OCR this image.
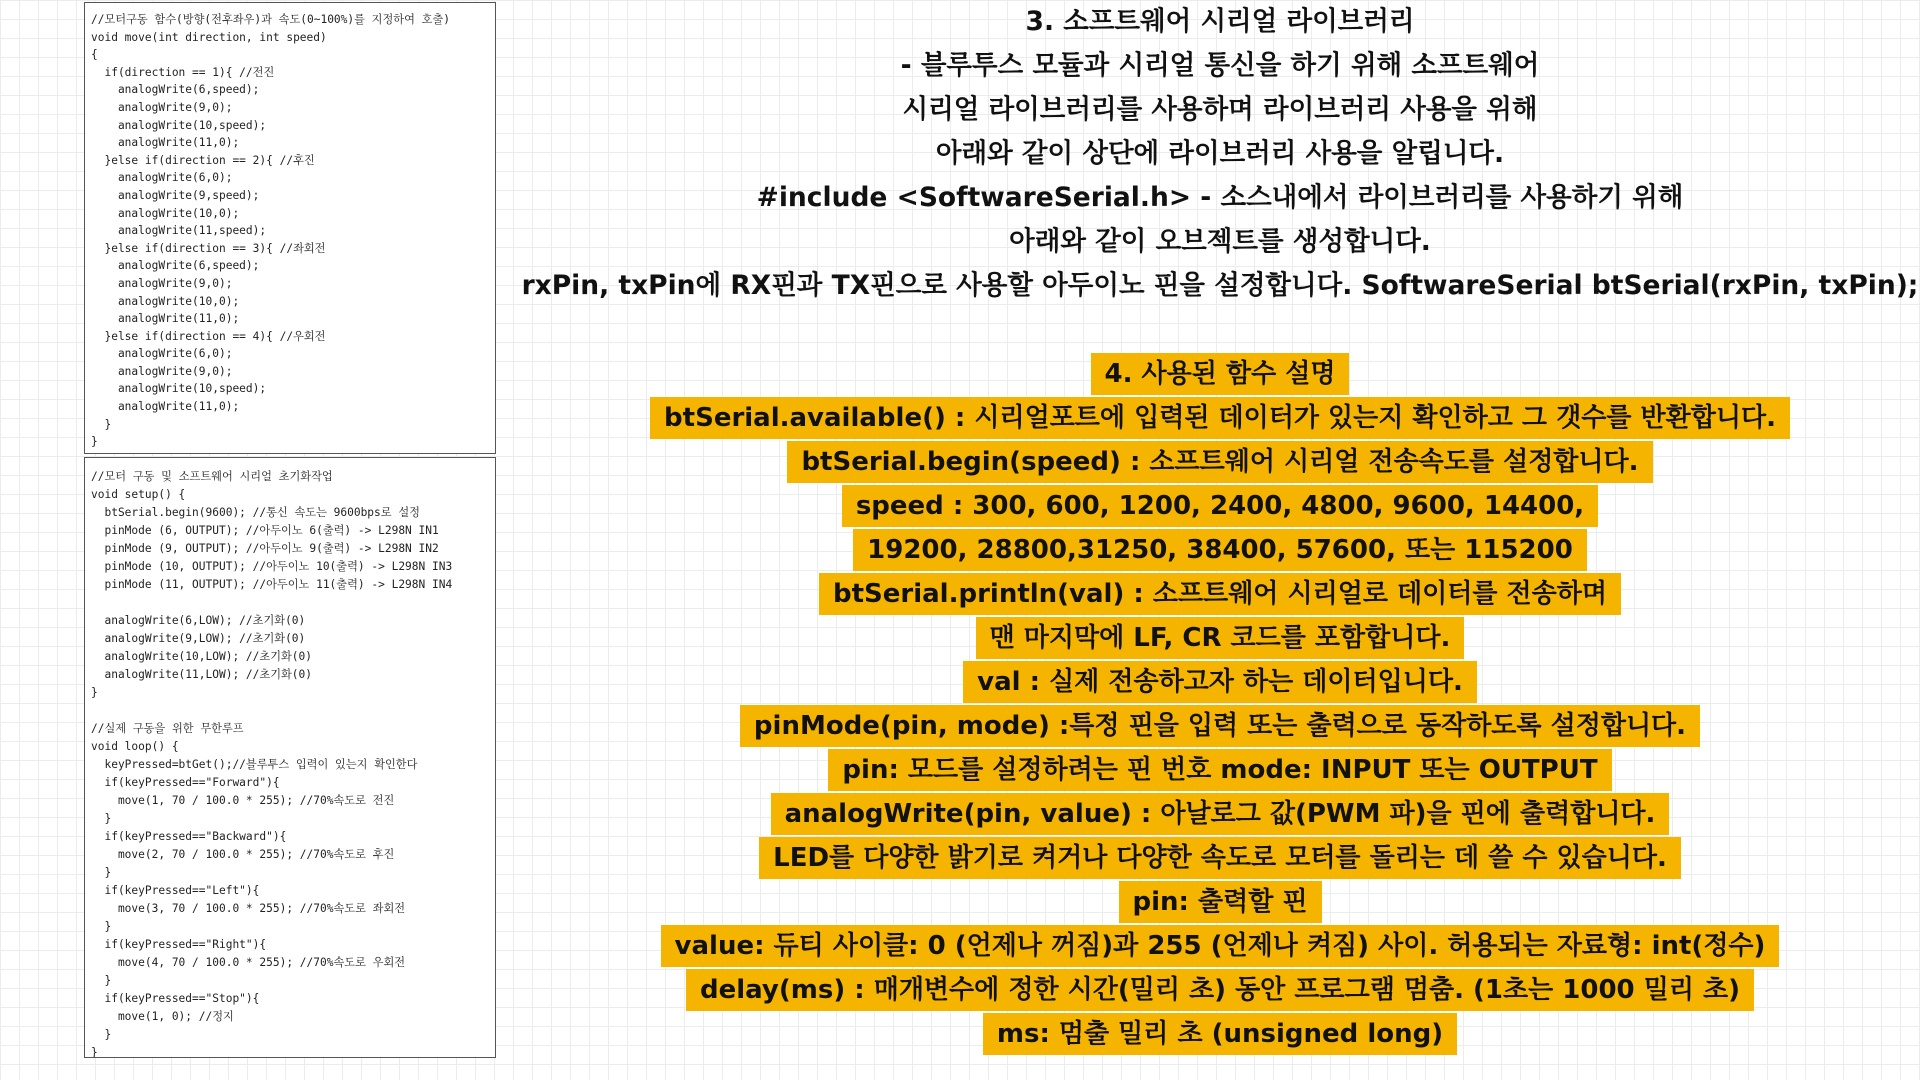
//모터구동 함수(방향(전후좌우)과 속도(0~100%)를 지정하여 호출)
void move(int direction, int speed)
{
if(direction == 1){ //전진
analogWrite(6,speed);
analogWrite(9,0);
analogWrite(10,speed);
analogWrite(11,0);
}else if(direction == 2){ //후진
analogWrite(6,0);
analogWrite(9,speed);
analogWrite(10,0);
analogWrite(11,speed);
}else if(direction == 3){ //좌회전
analogWrite(6,speed);
analogWrite(9,0);
analogWrite(10,0);
analogWrite(11,0);
}else if(direction == 4){ //우회전
analogWrite(6,0);
analogWrite(9,0);
analogWrite(10,speed);
analogWrite(11,0);
}
}
//모터 구동 및 소프트웨어 시리얼 초기화작업
void setup() {
btSerial.begin(9600); //통신 속도는 9600bps로 설정
pinMode (6, OUTPUT); //아두이노 6(출력) -> L298N IN1
pinMode (9, OUTPUT); //아두이노 9(출력) -> L298N IN2
pinMode (10, OUTPUT); //아두이노 10(출력) -> L298N IN3
pinMode (11, OUTPUT); //아두이노 11(출력) -> L298N IN4

analogWrite(6,LOW); //초기화(0)
analogWrite(9,LOW); //초기화(0)
analogWrite(10,LOW); //초기화(0)
analogWrite(11,LOW); //초기화(0)
}

//실제 구동을 위한 무한루프
void loop() {
keyPressed=btGet();//블루투스 입력이 있는지 확인한다
if(keyPressed=="Forward"){
move(1, 70 / 100.0 * 255); //70%속도로 전진
}
if(keyPressed=="Backward"){
move(2, 70 / 100.0 * 255); //70%속도로 후진
}
if(keyPressed=="Left"){
move(3, 70 / 100.0 * 255); //70%속도로 좌회전
}
if(keyPressed=="Right"){
move(4, 70 / 100.0 * 255); //70%속도로 우회전
}
if(keyPressed=="Stop"){
move(1, 0); //정지
}
}
3. 소프트웨어 시리얼 라이브러리
- 블루투스 모듈과 시리얼 통신을 하기 위해 소프트웨어
시리얼 라이브러리를 사용하며 라이브러리 사용을 위해
아래와 같이 상단에 라이브러리 사용을 알립니다.
#include <SoftwareSerial.h> - 소스내에서 라이브러리를 사용하기 위해
아래와 같이 오브젝트를 생성합니다.
rxPin, txPin에 RX핀과 TX핀으로 사용할 아두이노 핀을 설정합니다. SoftwareSerial btSerial(rxPin, txPin);
4. 사용된 함수 설명
btSerial.available() : 시리얼포트에 입력된 데이터가 있는지 확인하고 그 갯수를 반환합니다.
btSerial.begin(speed) : 소프트웨어 시리얼 전송속도를 설정합니다.
speed : 300, 600, 1200, 2400, 4800, 9600, 14400,
19200, 28800,31250, 38400, 57600, 또는 115200
btSerial.println(val) : 소프트웨어 시리얼로 데이터를 전송하며
맨 마지막에 LF, CR 코드를 포함합니다.
val : 실제 전송하고자 하는 데이터입니다.
pinMode(pin, mode) :특정 핀을 입력 또는 출력으로 동작하도록 설정합니다.
pin: 모드를 설정하려는 핀 번호 mode: INPUT 또는 OUTPUT
analogWrite(pin, value) : 아날로그 값(PWM 파)을 핀에 출력합니다.
LED를 다양한 밝기로 켜거나 다양한 속도로 모터를 돌리는 데 쓸 수 있습니다.
pin: 출력할 핀
value: 듀티 사이클: 0 (언제나 꺼짐)과 255 (언제나 켜짐) 사이. 허용되는 자료형: int(정수)
delay(ms) : 매개변수에 정한 시간(밀리 초) 동안 프로그램 멈춤. (1초는 1000 밀리 초)
ms: 멈출 밀리 초 (unsigned long)
